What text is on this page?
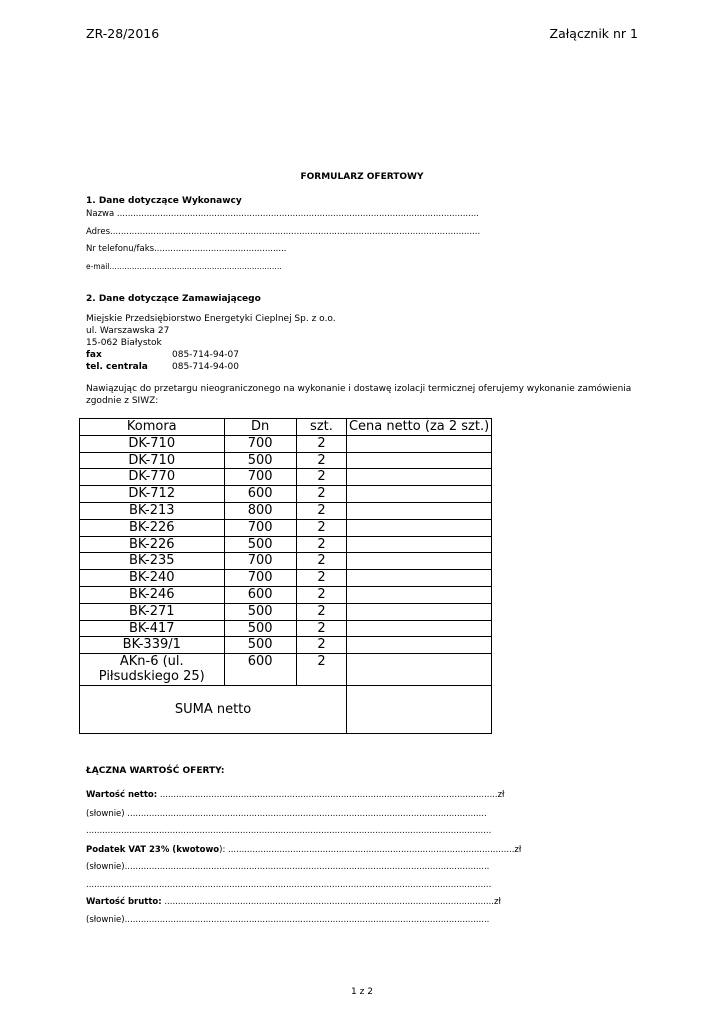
ZR-28/2016	Załącznik nr 1
FORMULARZ OFERTOWY
1. Dane dotyczące Wykonawcy
Nazwa ......................................................................................................................................
Adres.........................................................................................................................................
Nr telefonu/faks.................................................
e-mail……………………………………………………………
2. Dane dotyczące Zamawiającego
Miejskie Przedsiębiorstwo Energetyki Cieplnej Sp. z o.o.
ul. Warszawska 27
15-062 Białystok
fax	085-714-94-07
tel. centrala	085-714-94-00
Nawiązując do przetargu nieograniczonego na wykonanie i dostawę izolacji termicznej oferujemy wykonanie zamówienia zgodnie z SIWZ:
Komora	Dn	szt.	Cena netto (za 2 szt.)
DK-710	700	2	
DK-710	500	2	
DK-770	700	2	
DK-712	600	2	
BK-213	800	2	
BK-226	700	2	
BK-226	500	2	
BK-235	700	2	
BK-240	700	2	
BK-246	600	2	
BK-271	500	2	
BK-417	500	2	
BK-339/1	500	2	

AKn-6 (ul.
Piłsudskiego 25)	600	2	
SUMA netto			
ŁĄCZNA WARTOŚĆ OFERTY:
Wartość netto: .............................................................................................................................zł
(słownie) .....................................................................................................................................
......................................................................................................................................................
Podatek VAT 23% (kwotowo): ..........................................................................................................zł
(słownie).......................................................................................................................................
......................................................................................................................................................
Wartość brutto: ..........................................................................................................................zł
(słownie).......................................................................................................................................
1 z 2
